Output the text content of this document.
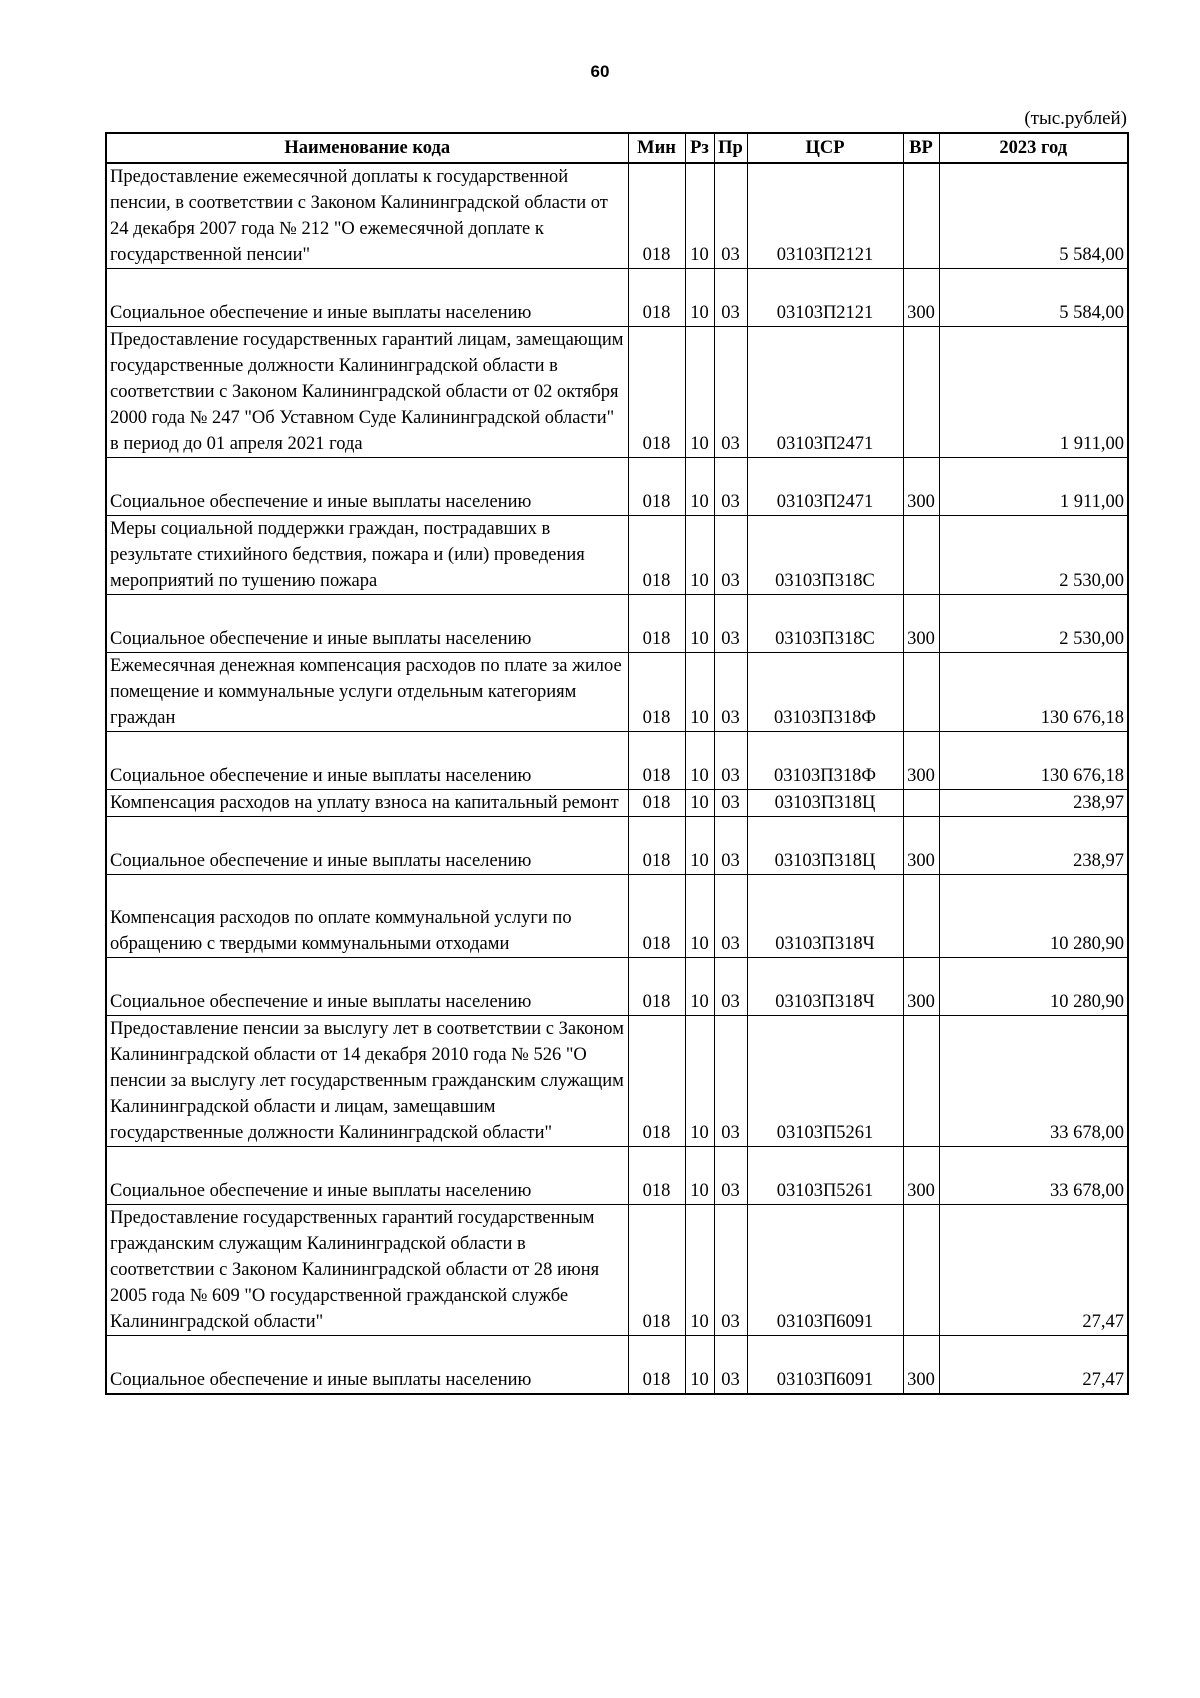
60
(тыс.рублей)
Наименование кода	Мин	Рз	Пр	ЦСР	ВР	2023 год
Предоставление ежемесячной доплаты к государственной пенсии, в соответствии с Законом Калининградской области от 24 декабря 2007 года № 212 "О ежемесячной доплате к государственной пенсии"	018	10	03	03103П2121		5 584,00
Социальное обеспечение и иные выплаты населению	018	10	03	03103П2121	300	5 584,00
Предоставление государственных гарантий лицам, замещающим государственные должности Калининградской области в соответствии с Законом Калининградской области от 02 октября 2000 года № 247 "Об Уставном Суде Калининградской области" в период до 01 апреля 2021 года	018	10	03	03103П2471		1 911,00
Социальное обеспечение и иные выплаты населению	018	10	03	03103П2471	300	1 911,00
Меры социальной поддержки граждан, пострадавших в результате стихийного бедствия, пожара и (или) проведения мероприятий по тушению пожара	018	10	03	03103П318С		2 530,00
Социальное обеспечение и иные выплаты населению	018	10	03	03103П318С	300	2 530,00
Ежемесячная денежная компенсация расходов по плате за жилое помещение и коммунальные услуги отдельным категориям граждан	018	10	03	03103П318Ф		130 676,18
Социальное обеспечение и иные выплаты населению	018	10	03	03103П318Ф	300	130 676,18
Компенсация расходов на уплату взноса на капитальный ремонт	018	10	03	03103П318Ц		238,97
Социальное обеспечение и иные выплаты населению	018	10	03	03103П318Ц	300	238,97
Компенсация расходов по оплате коммунальной услуги по обращению с твердыми коммунальными отходами	018	10	03	03103П318Ч		10 280,90
Социальное обеспечение и иные выплаты населению	018	10	03	03103П318Ч	300	10 280,90
Предоставление пенсии за выслугу лет в соответствии с Законом Калининградской области от 14 декабря 2010 года № 526 "О пенсии за выслугу лет государственным гражданским служащим Калининградской области и лицам, замещавшим государственные должности Калининградской области"	018	10	03	03103П5261		33 678,00
Социальное обеспечение и иные выплаты населению	018	10	03	03103П5261	300	33 678,00
Предоставление государственных гарантий государственным гражданским служащим Калининградской области в соответствии с Законом Калининградской области от 28 июня 2005 года № 609 "О государственной гражданской службе Калининградской области"	018	10	03	03103П6091		27,47
Социальное обеспечение и иные выплаты населению	018	10	03	03103П6091	300	27,47
